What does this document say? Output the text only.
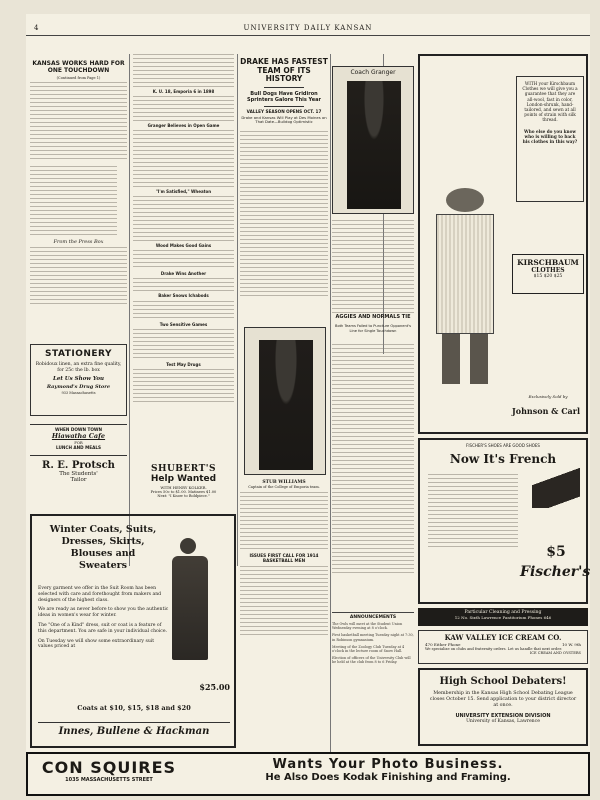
4	UNIVERSITY DAILY KANSAN
KANSAS WORKS HARD FOR ONE TOUCHDOWN
(Continued from Page 1)
From the Press Box
STATIONERY
Robidoux linen, an extra fine quality,
for 25c the lb. box
Let Us Show You
Raymond's Drug Store
933 Massachusetts
WHEN DOWN TOWN
Hiawatha Cafe
FOR
LUNCH AND MEALS
R. E. Protsch
The Students'
Tailor
K. U. 18, Emporia 6 in 1898
Granger Believes in Open Game
"I'm Satisfied," Wheaton
Wood Makes Good Gains
Drake Wins Another
Baker Snows Ichabods
Two Sensitive Games
Test May Drugs
SHUBERT'S
Help Wanted
WITH HENRY KOLKER.
Prices 50c to $1.00. Matinees $1.00
Next: "I Know to Boldpiece."
DRAKE HAS FASTEST TEAM OF ITS HISTORY
Bull Dogs Have Gridiron Sprinters Galore This Year
VALLEY SEASON OPENS OCT. 17
Drake and Kansas Will Play at Des Moines on That Date—Bulldog Optimistic
STUB WILLIAMS
Captain of the College of Emporia team.
ISSUES FIRST CALL FOR 1914 BASKETBALL MEN
Coach Granger
AGGIES AND NORMALS TIE
Both Teams Failed to Puncture Opponent's Line for Single Touchdown
ANNOUNCEMENTS
The Owls will meet at the Student Union Wednesday evening at 8 o'clock.
First basketball meeting Tuesday night at 7:30, in Robinson gymnasium.
Meeting of the Zoology Club Tuesday at 4 o'clock in the lecture room of Snow Hall.
Election of officers of the University Club will be held at the club from 8 to 6 Friday.
WITH your Kirschbaum Clothes we will give you a guarantee that they are all-wool, fast in color, London-shrunk, hand-tailored, and sewn at all points of strain with silk thread.
Who else do you know who is willing to back his clothes in this way?
KIRSCHBAUM
CLOTHES
$15 $20 $25
Exclusively Sold by
Johnson & Carl
FISCHER'S SHOES ARE GOOD SHOES
Now It's French
$5
Fischer's
Particular Cleaning and Pressing
12 No. Sixth Lawrence Pantitorium Phones 646
KAW VALLEY ICE CREAM CO.
470 Either Phone	10 W. 9th
We specialize on clubs and fraternity orders. Let us handle that next order.
ICE CREAM AND OYSTERS
High School Debaters!
Membership in the Kansas High School Debating League closes October 15. Send application to your district director at once.
UNIVERSITY EXTENSION DIVISION
University of Kansas, Lawrence
Winter Coats, Suits,
Dresses, Skirts,
Blouses and
Sweaters

Every garment we offer in the Suit Room has been selected with care and forethought from makers and designers of the highest class.

We are ready as never before to show you the authentic ideas in women's wear for winter.

The "One of a Kind" dress, suit or coat is a feature of this department. You are safe in your individual choice.

On Tuesday we will show some extraordinary suit values priced at

$25.00
Coats at $10, $15, $18 and $20
Innes, Bullene & Hackman
CON SQUIRES
1035 MASSACHUSETTS STREET
Wants Your Photo Business.
He Also Does Kodak Finishing and Framing.
